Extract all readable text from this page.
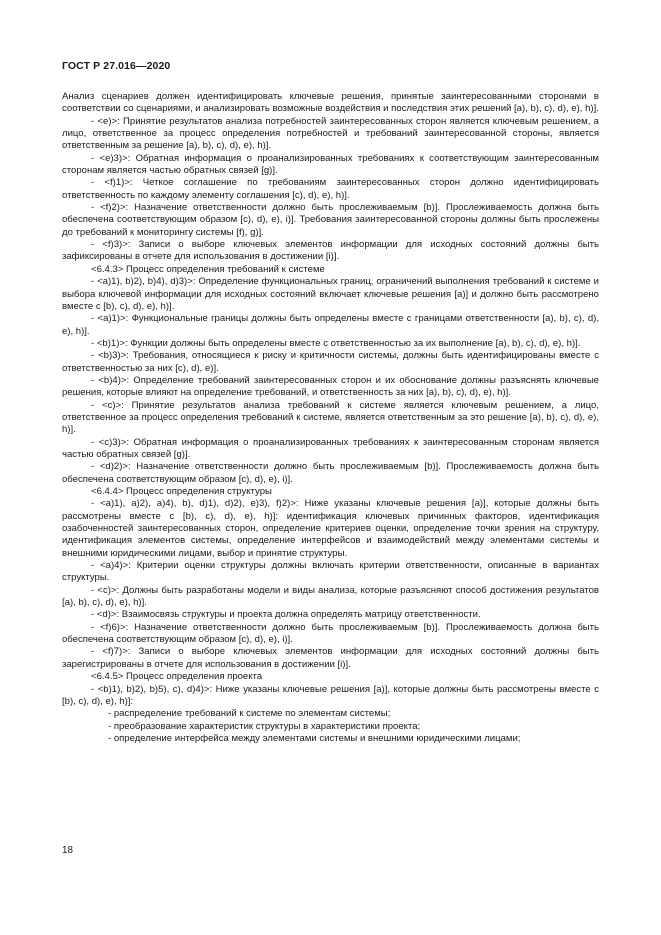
ГОСТ Р 27.016—2020

Анализ сценариев должен идентифицировать ключевые решения, принятые заинтересованными сторонами в соответствии со сценариями, и анализировать возможные воздействия и последствия этих решений [a), b), c), d), e), h)].

- <e)>: Принятие результатов анализа потребностей заинтересованных сторон является ключевым решением, а лицо, ответственное за процесс определения потребностей и требований заинтересованной стороны, является ответственным за решение [a), b), c), d), e), h)].

- <e)3)>: Обратная информация о проанализированных требованиях к соответствующим заинтересованным сторонам является частью обратных связей [g)].

- <f)1)>: Четкое соглашение по требованиям заинтересованных сторон должно идентифицировать ответственность по каждому элементу соглашения [c), d), e), h)].

- <f)2)>: Назначение ответственности должно быть прослеживаемым [b)]. Прослеживаемость должна быть обеспечена соответствующим образом [c), d), e), i)]. Требования заинтересованной стороны должны быть прослежены до требований к мониторингу системы [f), g)].

- <f)3)>: Записи о выборе ключевых элементов информации для исходных состояний должны быть зафиксированы в отчете для использования в достижении [i)].

<6.4.3> Процесс определения требований к системе

- <a)1), b)2), b)4), d)3)>: Определение функциональных границ, ограничений выполнения требований к системе и выбора ключевой информации для исходных состояний включает ключевые решения [a)] и должно быть рассмотрено вместе с [b), c), d), e), h)].

- <a)1)>: Функциональные границы должны быть определены вместе с границами ответственности [a), b), c), d), e), h)].

- <b)1)>: Функции должны быть определены вместе с ответственностью за их выполнение [a), b), c), d), e), h)].

- <b)3)>: Требования, относящиеся к риску и критичности системы, должны быть идентифицированы вместе с ответственностью за них [c), d), e)].

- <b)4)>: Определение требований заинтересованных сторон и их обоснование должны разъяснять ключевые решения, которые влияют на определение требований, и ответственность за них [a), b), c), d), e), h)].

- <c)>: Принятие результатов анализа требований к системе является ключевым решением, а лицо, ответственное за процесс определения требований к системе, является ответственным за это решение [a), b), c), d), e), h)].

- <c)3)>: Обратная информация о проанализированных требованиях к заинтересованным сторонам является частью обратных связей [g)].

- <d)2)>: Назначение ответственности должно быть прослеживаемым [b)]. Прослеживаемость должна быть обеспечена соответствующим образом [c), d), e), i)].

<6.4.4> Процесс определения структуры

- <a)1), a)2), a)4), b), d)1), d)2), e)3), f)2)>: Ниже указаны ключевые решения [a)], которые должны быть рассмотрены вместе с [b), c), d), e), h)]: идентификация ключевых причинных факторов, идентификация озабоченностей заинтересованных сторон, определение критериев оценки, определение точки зрения на структуру, идентификация элементов системы, определение интерфейсов и взаимодействий между элементами системы и внешними юридическими лицами, выбор и принятие структуры.

- <a)4)>: Критерии оценки структуры должны включать критерии ответственности, описанные в вариантах структуры.

- <c)>: Должны быть разработаны модели и виды анализа, которые разъясняют способ достижения результатов [a), b), c), d), e), h)].

- <d)>: Взаимосвязь структуры и проекта должна определять матрицу ответственности.

- <f)6)>: Назначение ответственности должно быть прослеживаемым [b)]. Прослеживаемость должна быть обеспечена соответствующим образом [c), d), e), i)].

- <f)7)>: Записи о выборе ключевых элементов информации для исходных состояний должны быть зарегистрированы в отчете для использования в достижении [i)].

<6.4.5> Процесс определения проекта

- <b)1), b)2), b)5), c), d)4)>: Ниже указаны ключевые решения [a)], которые должны быть рассмотрены вместе с [b), c), d), e), h)]:

- распределение требований к системе по элементам системы;

- преобразование характеристик структуры в характеристики проекта;

- определение интерфейса между элементами системы и внешними юридическими лицами;

18
